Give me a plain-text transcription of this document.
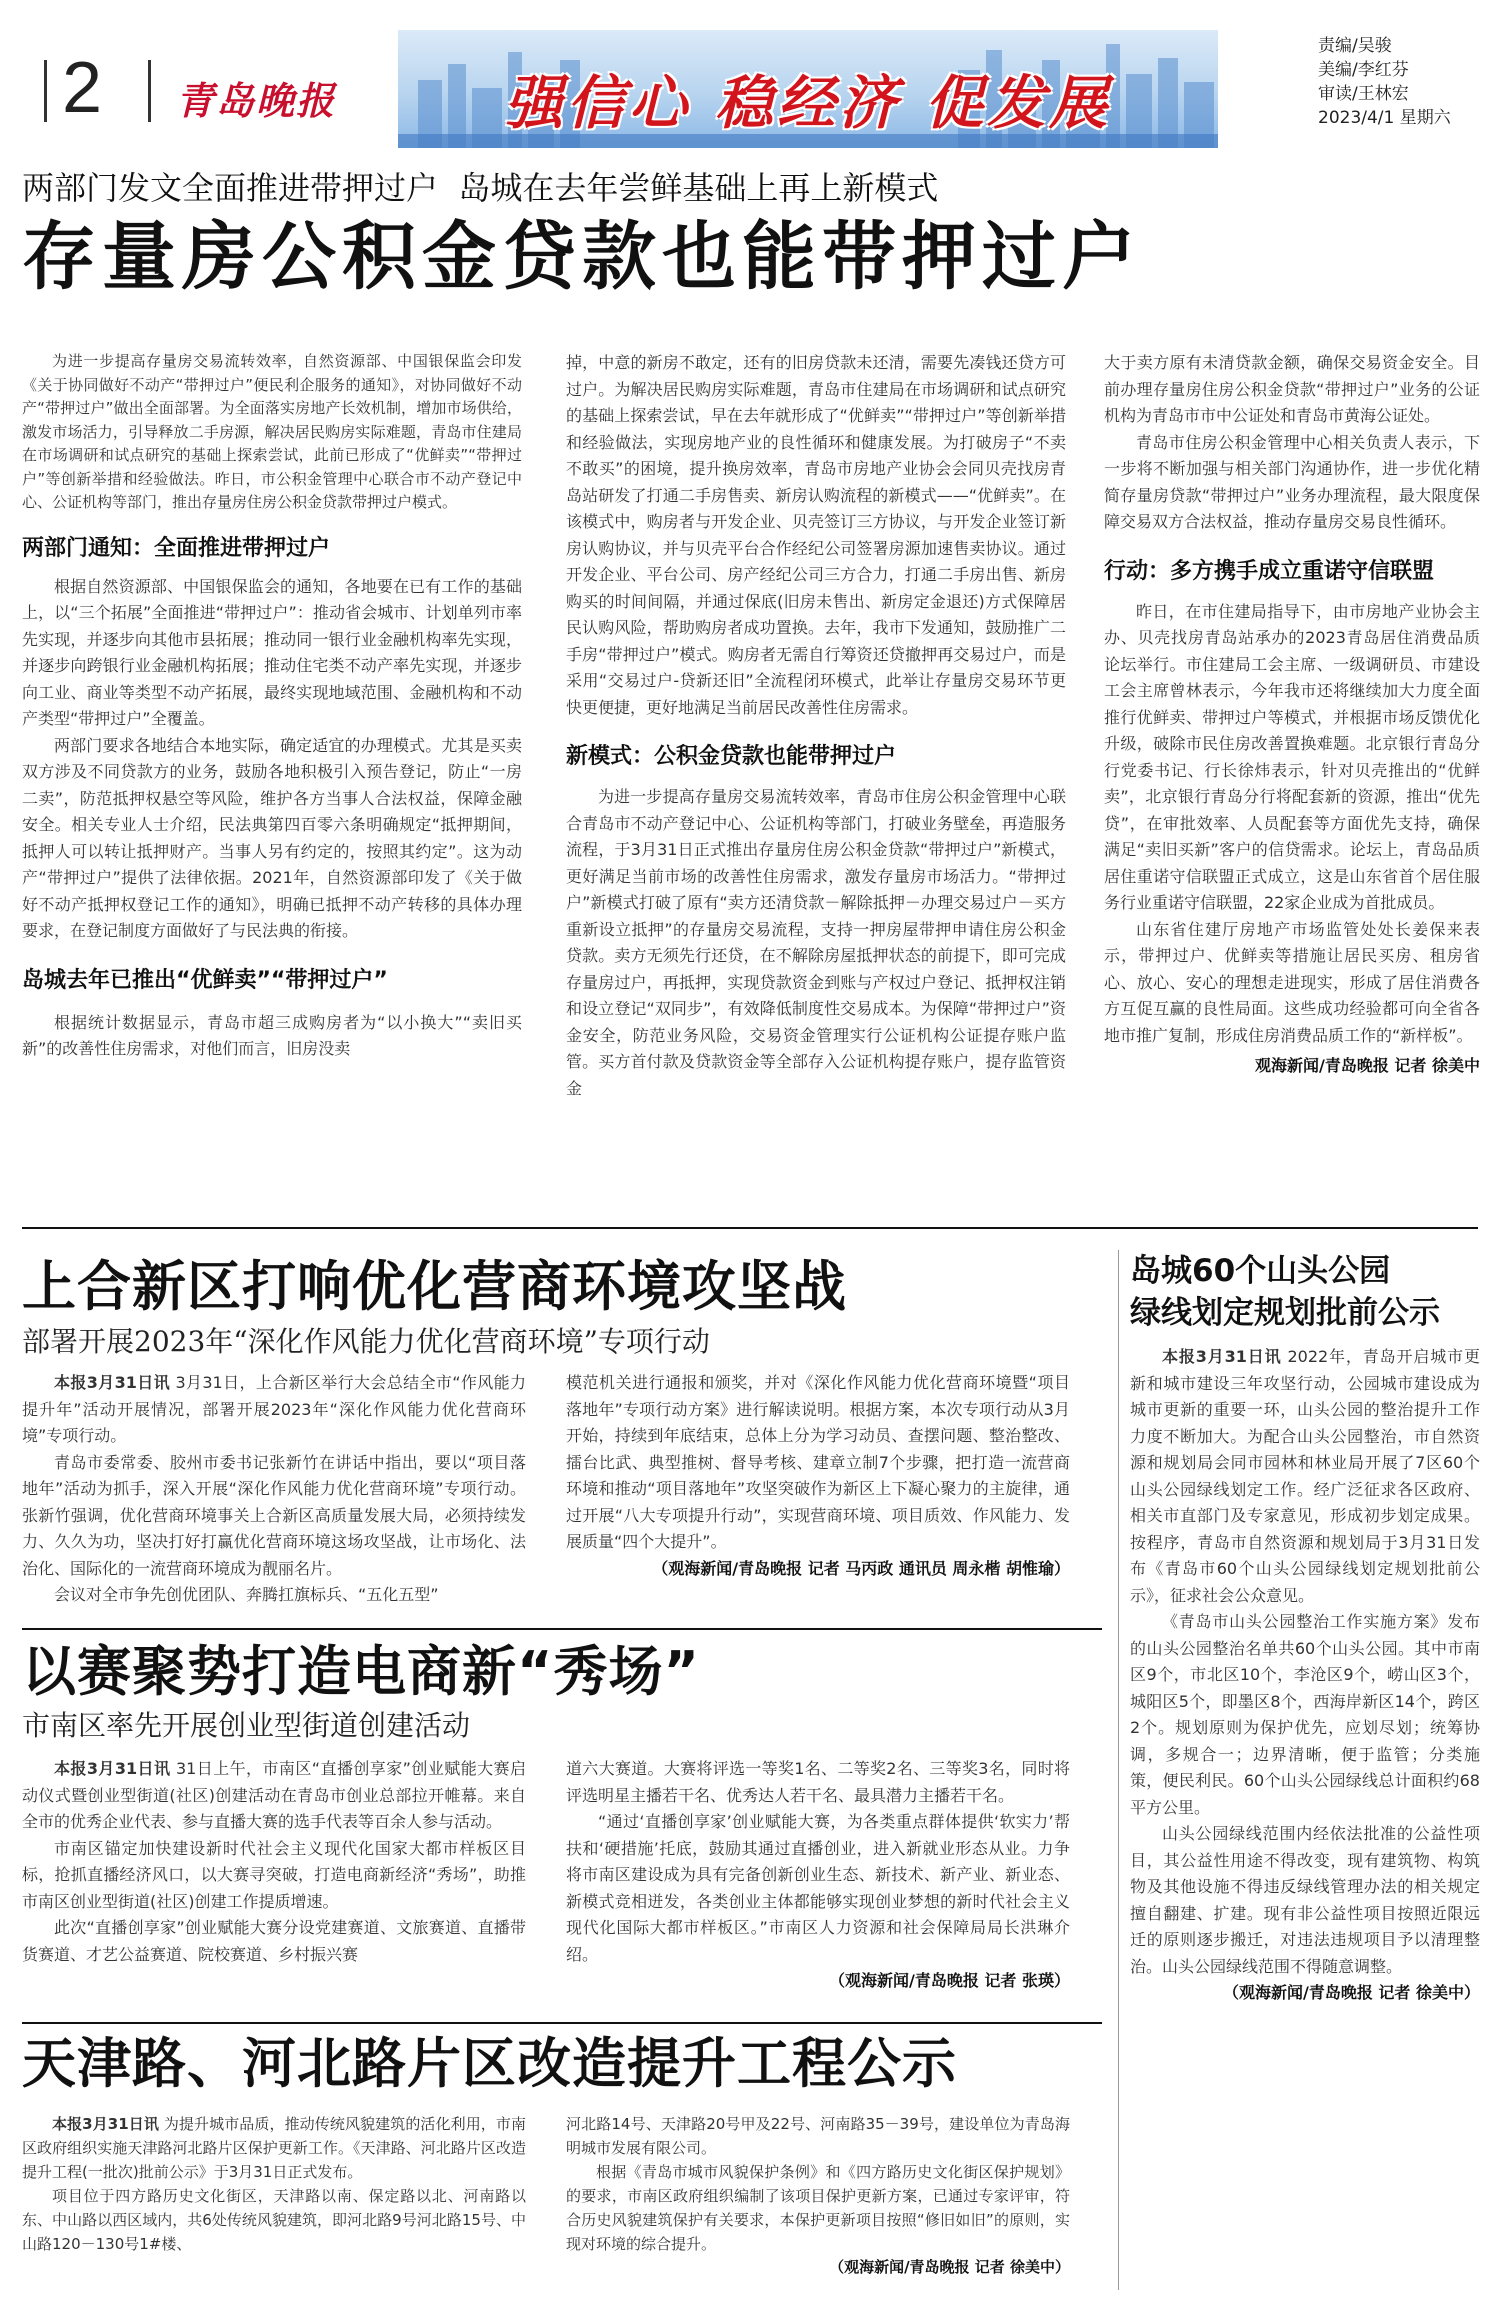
2 青岛晚报	强信心 稳经济 促发展
责编/吴骏
美编/李红芬
审读/王林宏
2023/4/1 星期六
两部门发文全面推进带押过户  岛城在去年尝鲜基础上再上新模式
存量房公积金贷款也能带押过户
为进一步提高存量房交易流转效率，自然资源部、中国银保监会印发《关于协同做好不动产“带押过户”便民利企服务的通知》，对协同做好不动产“带押过户”做出全面部署。为全面落实房地产长效机制，增加市场供给，激发市场活力，引导释放二手房源，解决居民购房实际难题，青岛市住建局在市场调研和试点研究的基础上探索尝试，此前已形成了“优鲜卖”“带押过户”等创新举措和经验做法。昨日，市公积金管理中心联合市不动产登记中心、公证机构等部门，推出存量房住房公积金贷款带押过户模式。
两部门通知：全面推进带押过户
根据自然资源部、中国银保监会的通知，各地要在已有工作的基础上，以“三个拓展”全面推进“带押过户”：推动省会城市、计划单列市率先实现，并逐步向其他市县拓展；推动同一银行业金融机构率先实现，并逐步向跨银行业金融机构拓展；推动住宅类不动产率先实现，并逐步向工业、商业等类型不动产拓展，最终实现地域范围、金融机构和不动产类型“带押过户”全覆盖。
两部门要求各地结合本地实际，确定适宜的办理模式。尤其是买卖双方涉及不同贷款方的业务，鼓励各地积极引入预告登记，防止“一房二卖”，防范抵押权悬空等风险，维护各方当事人合法权益，保障金融安全。相关专业人士介绍，民法典第四百零六条明确规定“抵押期间，抵押人可以转让抵押财产。当事人另有约定的，按照其约定”。这为动产“带押过户”提供了法律依据。2021年，自然资源部印发了《关于做好不动产抵押权登记工作的通知》，明确已抵押不动产转移的具体办理要求，在登记制度方面做好了与民法典的衔接。
岛城去年已推出“优鲜卖”“带押过户”
根据统计数据显示，青岛市超三成购房者为“以小换大”“卖旧买新”的改善性住房需求，对他们而言，旧房没卖
掉，中意的新房不敢定，还有的旧房贷款未还清，需要先凑钱还贷方可过户。为解决居民购房实际难题，青岛市住建局在市场调研和试点研究的基础上探索尝试，早在去年就形成了“优鲜卖”“带押过户”等创新举措和经验做法，实现房地产业的良性循环和健康发展。为打破房子“不卖不敢买”的困境，提升换房效率，青岛市房地产业协会会同贝壳找房青岛站研发了打通二手房售卖、新房认购流程的新模式——“优鲜卖”。在该模式中，购房者与开发企业、贝壳签订三方协议，与开发企业签订新房认购协议，并与贝壳平台合作经纪公司签署房源加速售卖协议。通过开发企业、平台公司、房产经纪公司三方合力，打通二手房出售、新房购买的时间间隔，并通过保底(旧房未售出、新房定金退还)方式保障居民认购风险，帮助购房者成功置换。去年，我市下发通知，鼓励推广二手房“带押过户”模式。购房者无需自行筹资还贷撤押再交易过户，而是采用“交易过户-贷新还旧”全流程闭环模式，此举让存量房交易环节更快更便捷，更好地满足当前居民改善性住房需求。
新模式：公积金贷款也能带押过户
为进一步提高存量房交易流转效率，青岛市住房公积金管理中心联合青岛市不动产登记中心、公证机构等部门，打破业务壁垒，再造服务流程，于3月31日正式推出存量房住房公积金贷款“带押过户”新模式，更好满足当前市场的改善性住房需求，激发存量房市场活力。“带押过户”新模式打破了原有“卖方还清贷款－解除抵押－办理交易过户－买方重新设立抵押”的存量房交易流程，支持一押房屋带押申请住房公积金贷款。卖方无须先行还贷，在不解除房屋抵押状态的前提下，即可完成存量房过户，再抵押，实现贷款资金到账与产权过户登记、抵押权注销和设立登记“双同步”，有效降低制度性交易成本。为保障“带押过户”资金安全，防范业务风险，交易资金管理实行公证机构公证提存账户监管。买方首付款及贷款资金等全部存入公证机构提存账户，提存监管资金
大于卖方原有未清贷款金额，确保交易资金安全。目前办理存量房住房公积金贷款“带押过户”业务的公证机构为青岛市市中公证处和青岛市黄海公证处。
青岛市住房公积金管理中心相关负责人表示，下一步将不断加强与相关部门沟通协作，进一步优化精简存量房贷款“带押过户”业务办理流程，最大限度保障交易双方合法权益，推动存量房交易良性循环。
行动：多方携手成立重诺守信联盟
昨日，在市住建局指导下，由市房地产业协会主办、贝壳找房青岛站承办的2023青岛居住消费品质论坛举行。市住建局工会主席、一级调研员、市建设工会主席曾林表示，今年我市还将继续加大力度全面推行优鲜卖、带押过户等模式，并根据市场反馈优化升级，破除市民住房改善置换难题。北京银行青岛分行党委书记、行长徐炜表示，针对贝壳推出的“优鲜卖”，北京银行青岛分行将配套新的资源，推出“优先贷”，在审批效率、人员配套等方面优先支持，确保满足“卖旧买新”客户的信贷需求。论坛上，青岛品质居住重诺守信联盟正式成立，这是山东省首个居住服务行业重诺守信联盟，22家企业成为首批成员。
山东省住建厅房地产市场监管处处长姜保来表示，带押过户、优鲜卖等措施让居民买房、租房省心、放心、安心的理想走进现实，形成了居住消费各方互促互赢的良性局面。这些成功经验都可向全省各地市推广复制，形成住房消费品质工作的“新样板”。
观海新闻/青岛晚报 记者 徐美中
上合新区打响优化营商环境攻坚战
部署开展2023年“深化作风能力优化营商环境”专项行动
本报3月31日讯 3月31日，上合新区举行大会总结全市“作风能力提升年”活动开展情况，部署开展2023年“深化作风能力优化营商环境”专项行动。
青岛市委常委、胶州市委书记张新竹在讲话中指出，要以“项目落地年”活动为抓手，深入开展“深化作风能力优化营商环境”专项行动。张新竹强调，优化营商环境事关上合新区高质量发展大局，必须持续发力、久久为功，坚决打好打赢优化营商环境这场攻坚战，让市场化、法治化、国际化的一流营商环境成为靓丽名片。
会议对全市争先创优团队、奔腾扛旗标兵、“五化五型”
模范机关进行通报和颁奖，并对《深化作风能力优化营商环境暨“项目落地年”专项行动方案》进行解读说明。根据方案，本次专项行动从3月开始，持续到年底结束，总体上分为学习动员、查摆问题、整治整改、擂台比武、典型推树、督导考核、建章立制7个步骤，把打造一流营商环境和推动“项目落地年”攻坚突破作为新区上下凝心聚力的主旋律，通过开展“八大专项提升行动”，实现营商环境、项目质效、作风能力、发展质量“四个大提升”。
（观海新闻/青岛晚报 记者 马丙政 通讯员 周永楷 胡惟瑜）
以赛聚势打造电商新“秀场”
市南区率先开展创业型街道创建活动
本报3月31日讯 31日上午，市南区“直播创享家”创业赋能大赛启动仪式暨创业型街道(社区)创建活动在青岛市创业总部拉开帷幕。来自全市的优秀企业代表、参与直播大赛的选手代表等百余人参与活动。
市南区锚定加快建设新时代社会主义现代化国家大都市样板区目标，抢抓直播经济风口，以大赛寻突破，打造电商新经济“秀场”，助推市南区创业型街道(社区)创建工作提质增速。
此次“直播创享家”创业赋能大赛分设党建赛道、文旅赛道、直播带货赛道、才艺公益赛道、院校赛道、乡村振兴赛
道六大赛道。大赛将评选一等奖1名、二等奖2名、三等奖3名，同时将评选明星主播若干名、优秀达人若干名、最具潜力主播若干名。
“通过‘直播创享家’创业赋能大赛，为各类重点群体提供‘软实力’帮扶和‘硬措施’托底，鼓励其通过直播创业，进入新就业形态从业。力争将市南区建设成为具有完备创新创业生态、新技术、新产业、新业态、新模式竞相迸发，各类创业主体都能够实现创业梦想的新时代社会主义现代化国际大都市样板区。”市南区人力资源和社会保障局局长洪琳介绍。
（观海新闻/青岛晚报 记者 张瑛）
天津路、河北路片区改造提升工程公示
本报3月31日讯 为提升城市品质，推动传统风貌建筑的活化利用，市南区政府组织实施天津路河北路片区保护更新工作。《天津路、河北路片区改造提升工程(一批次)批前公示》于3月31日正式发布。
项目位于四方路历史文化街区，天津路以南、保定路以北、河南路以东、中山路以西区域内，共6处传统风貌建筑，即河北路9号河北路15号、中山路120－130号1#楼、
河北路14号、天津路20号甲及22号、河南路35－39号，建设单位为青岛海明城市发展有限公司。
根据《青岛市城市风貌保护条例》和《四方路历史文化街区保护规划》的要求，市南区政府组织编制了该项目保护更新方案，已通过专家评审，符合历史风貌建筑保护有关要求，本保护更新项目按照“修旧如旧”的原则，实现对环境的综合提升。
（观海新闻/青岛晚报 记者 徐美中）
岛城60个山头公园
绿线划定规划批前公示
本报3月31日讯 2022年，青岛开启城市更新和城市建设三年攻坚行动，公园城市建设成为城市更新的重要一环，山头公园的整治提升工作力度不断加大。为配合山头公园整治，市自然资源和规划局会同市园林和林业局开展了7区60个山头公园绿线划定工作。经广泛征求各区政府、相关市直部门及专家意见，形成初步划定成果。按程序，青岛市自然资源和规划局于3月31日发布《青岛市60个山头公园绿线划定规划批前公示》，征求社会公众意见。
《青岛市山头公园整治工作实施方案》发布的山头公园整治名单共60个山头公园。其中市南区9个，市北区10个，李沧区9个，崂山区3个，城阳区5个，即墨区8个，西海岸新区14个，跨区2个。规划原则为保护优先，应划尽划；统筹协调，多规合一；边界清晰，便于监管；分类施策，便民利民。60个山头公园绿线总计面积约68平方公里。
山头公园绿线范围内经依法批准的公益性项目，其公益性用途不得改变，现有建筑物、构筑物及其他设施不得违反绿线管理办法的相关规定擅自翻建、扩建。现有非公益性项目按照近限远迁的原则逐步搬迁，对违法违规项目予以清理整治。山头公园绿线范围不得随意调整。
（观海新闻/青岛晚报 记者 徐美中）
